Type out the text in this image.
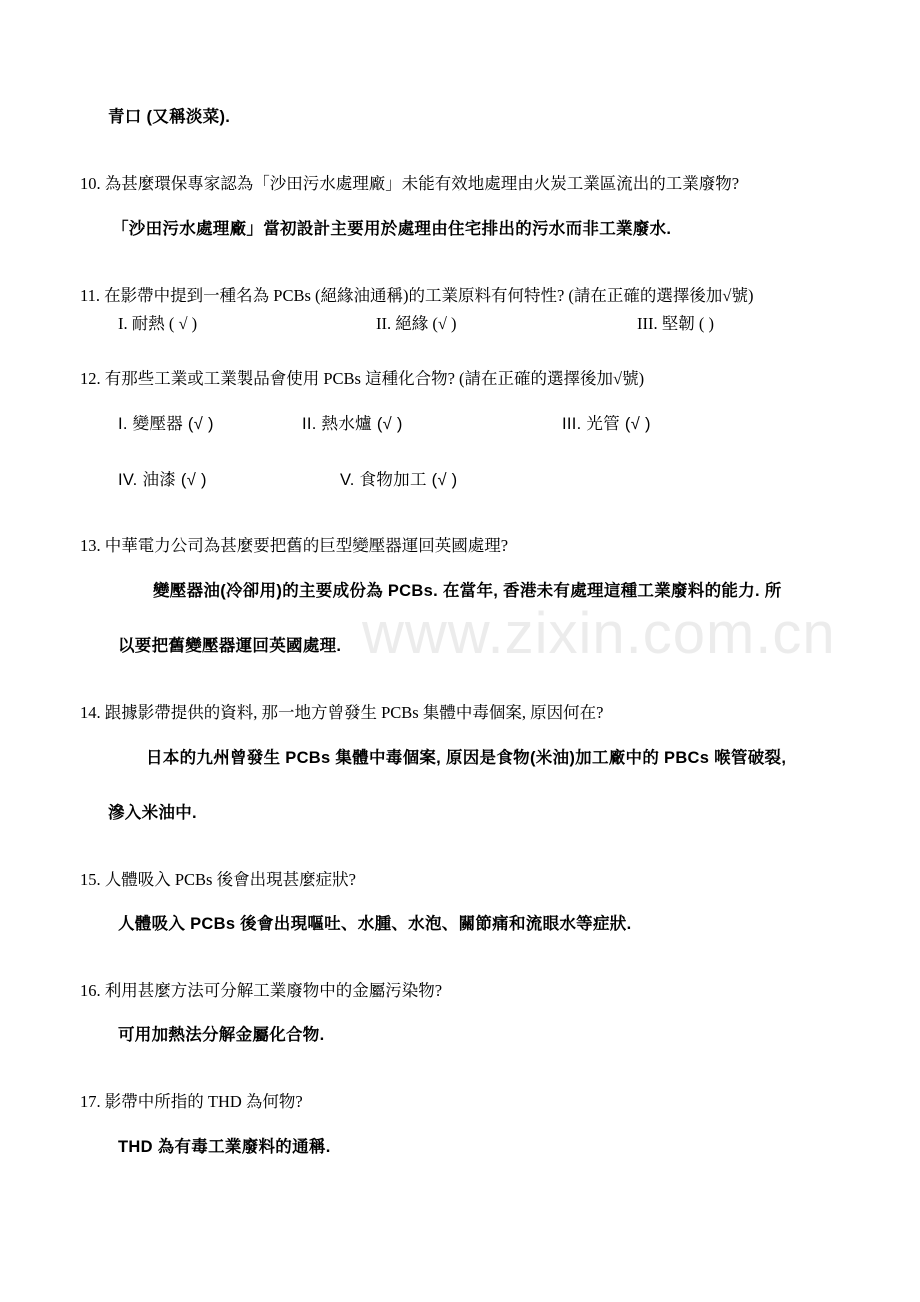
www.zixin.com.cn
青口 (又稱淡菜).
10. 為甚麼環保專家認為「沙田污水處理廠」未能有效地處理由火炭工業區流出的工業廢物?
「沙田污水處理廠」當初設計主要用於處理由住宅排出的污水而非工業廢水.
11. 在影帶中提到一種名為 PCBs (絕緣油通稱)的工業原料有何特性? (請在正確的選擇後加√號)
I. 耐熱 ( √ )	II. 絕緣 (√ )	III. 堅韌 ( )
12. 有那些工業或工業製品會使用 PCBs 這種化合物? (請在正確的選擇後加√號)
I. 變壓器 (√ )	II. 熱水爐 (√ )	III. 光管 (√ )
IV. 油漆 (√ )	V. 食物加工 (√ )
13. 中華電力公司為甚麼要把舊的巨型變壓器運回英國處理?
變壓器油(冷卻用)的主要成份為 PCBs. 在當年, 香港未有處理這種工業廢料的能力. 所
以要把舊變壓器運回英國處理.
14. 跟據影帶提供的資料, 那一地方曾發生 PCBs 集體中毒個案, 原因何在?
日本的九州曾發生 PCBs 集體中毒個案, 原因是食物(米油)加工廠中的 PBCs 喉管破裂,
滲入米油中.
15. 人體吸入 PCBs 後會出現甚麼症狀?
人體吸入 PCBs 後會出現嘔吐、水腫、水泡、關節痛和流眼水等症狀.
16. 利用甚麼方法可分解工業廢物中的金屬污染物?
可用加熱法分解金屬化合物.
17. 影帶中所指的 THD 為何物?
THD 為有毒工業廢料的通稱.
